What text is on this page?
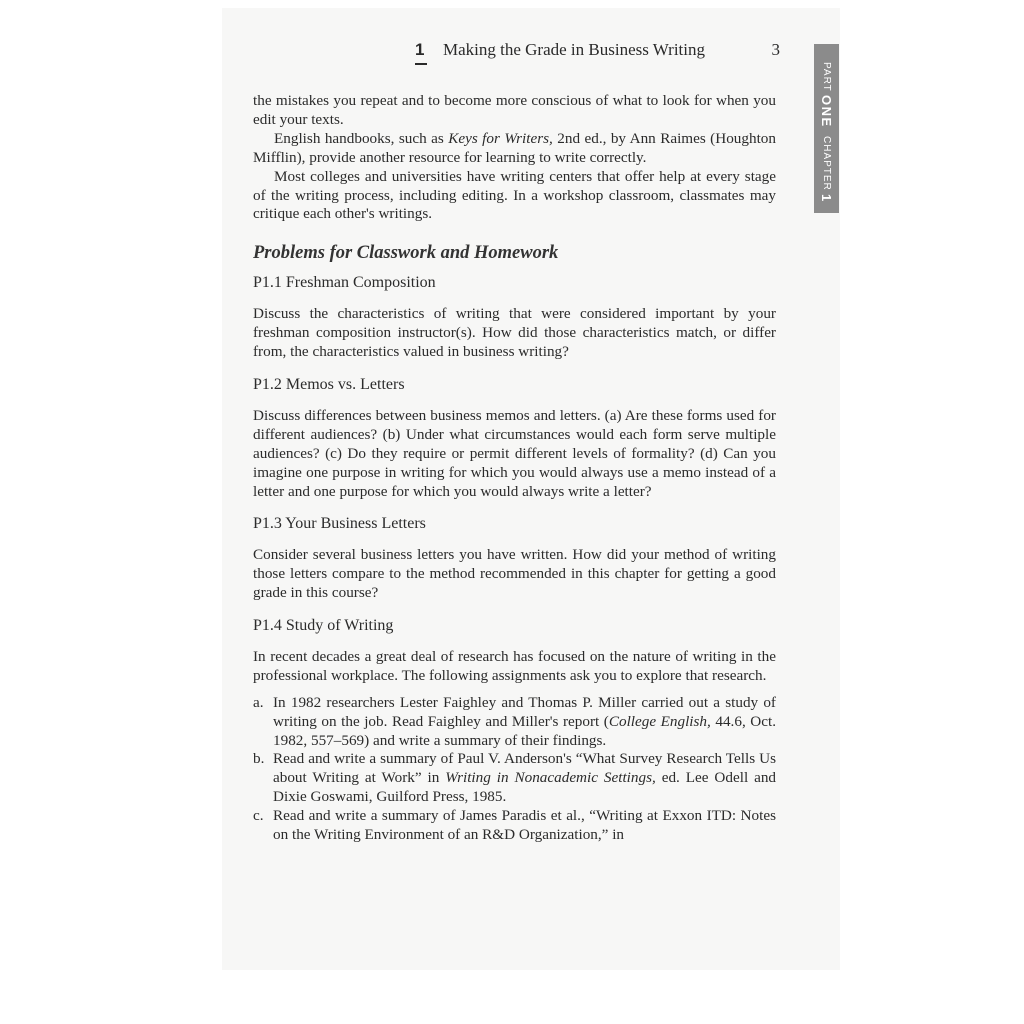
1 Making the Grade in Business Writing	3
PART
ONE
CHAPTER
1

the mistakes you repeat and to become more conscious of what to look for when you edit your texts.

English handbooks, such as Keys for Writers, 2nd ed., by Ann Raimes (Houghton Mifflin), provide another resource for learning to write correctly.

Most colleges and universities have writing centers that offer help at every stage of the writing process, including editing. In a workshop classroom, classmates may critique each other's writings.

Problems for Classwork and Homework

P1.1 Freshman Composition

Discuss the characteristics of writing that were considered important by your freshman composition instructor(s). How did those characteristics match, or differ from, the characteristics valued in business writing?

P1.2 Memos vs. Letters

Discuss differences between business memos and letters. (a) Are these forms used for different audiences? (b) Under what circumstances would each form serve multiple audiences? (c) Do they require or permit different levels of formality? (d) Can you imagine one purpose in writing for which you would always use a memo instead of a letter and one purpose for which you would always write a letter?

P1.3 Your Business Letters

Consider several business letters you have written. How did your method of writing those letters compare to the method recommended in this chapter for getting a good grade in this course?

P1.4 Study of Writing

In recent decades a great deal of research has focused on the nature of writing in the professional workplace. The following assignments ask you to explore that research.

a. In 1982 researchers Lester Faighley and Thomas P. Miller carried out a study of writing on the job. Read Faighley and Miller's report (College English, 44.6, Oct. 1982, 557–569) and write a summary of their findings.
b. Read and write a summary of Paul V. Anderson's “What Survey Research Tells Us about Writing at Work” in Writing in Nonacademic Settings, ed. Lee Odell and Dixie Goswami, Guilford Press, 1985.
c. Read and write a summary of James Paradis et al., “Writing at Exxon ITD: Notes on the Writing Environment of an R&D Organization,” in
